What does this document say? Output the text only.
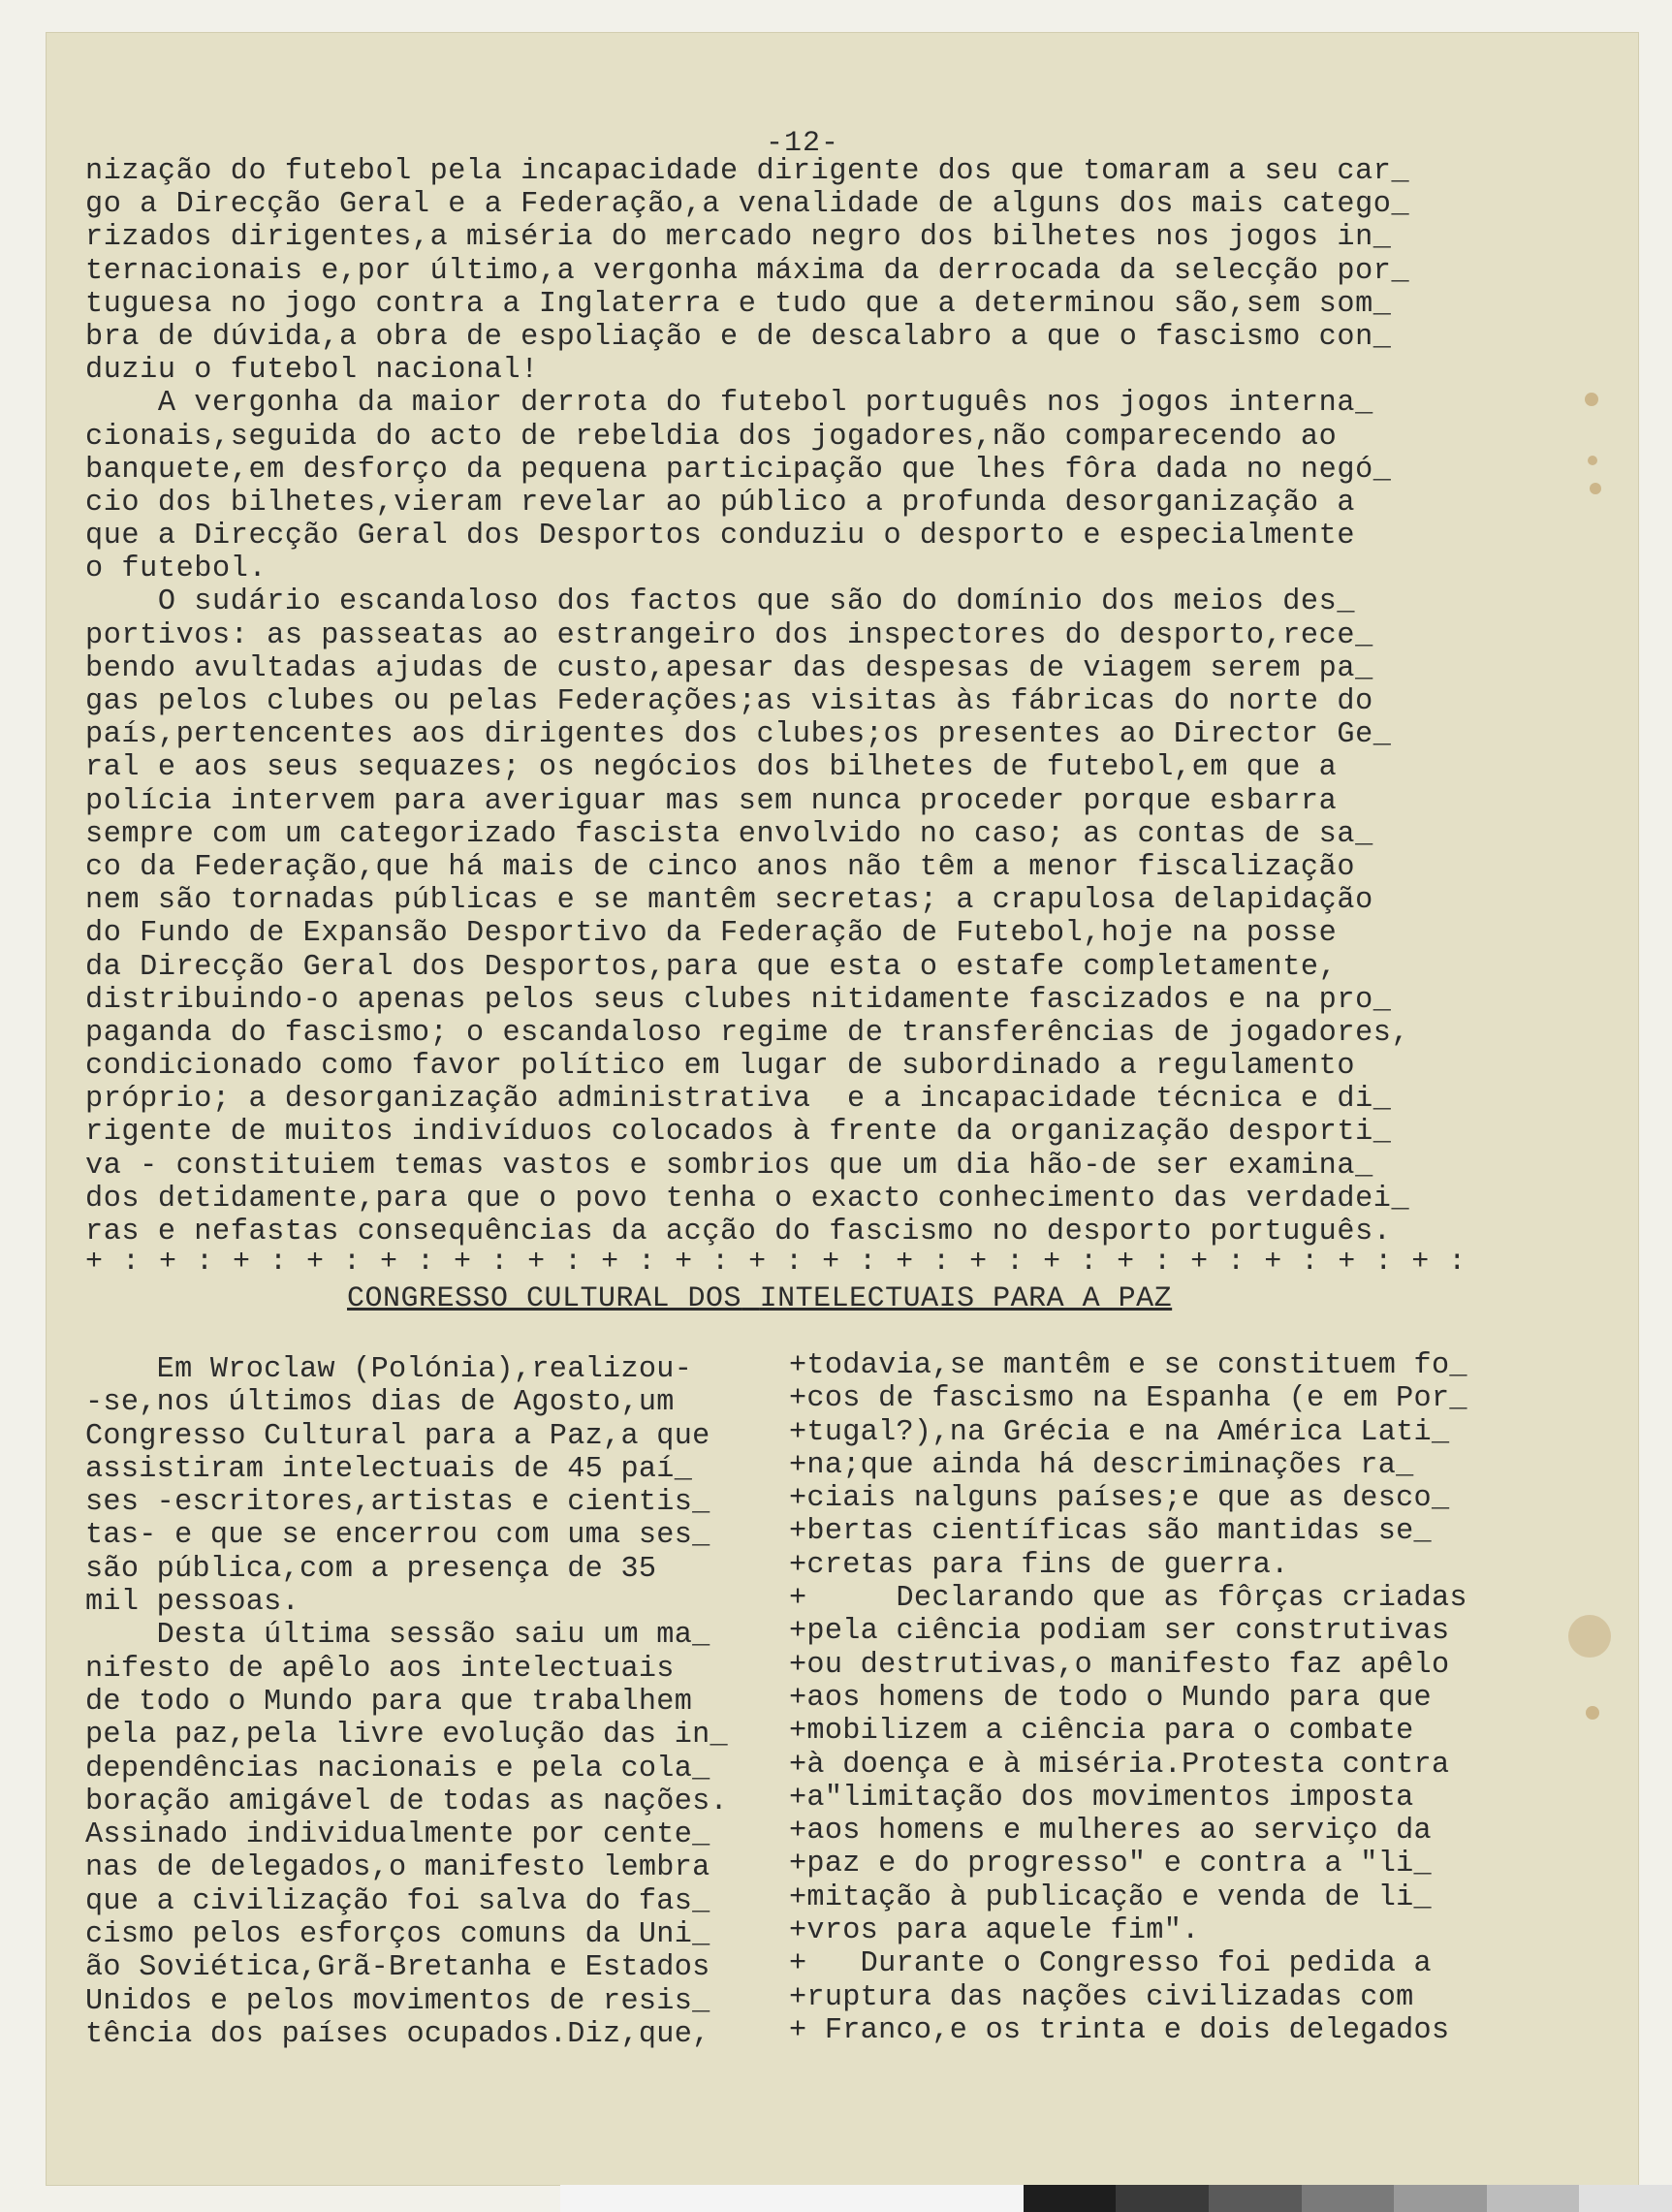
-12-
nização do futebol pela incapacidade dirigente dos que tomaram a seu car_
go a Direcção Geral e a Federação,a venalidade de alguns dos mais catego_
rizados dirigentes,a miséria do mercado negro dos bilhetes nos jogos in_
ternacionais e,por último,a vergonha máxima da derrocada da selecção por_
tuguesa no jogo contra a Inglaterra e tudo que a determinou são,sem som_
bra de dúvida,a obra de espoliação e de descalabro a que o fascismo con_
duziu o futebol nacional!
A vergonha da maior derrota do futebol português nos jogos interna_
cionais,seguida do acto de rebeldia dos jogadores,não comparecendo ao
banquete,em desforço da pequena participação que lhes fôra dada no negó_
cio dos bilhetes,vieram revelar ao público a profunda desorganização a
que a Direcção Geral dos Desportos conduziu o desporto e especialmente
o futebol.
O sudário escandaloso dos factos que são do domínio dos meios des_
portivos: as passeatas ao estrangeiro dos inspectores do desporto,rece_
bendo avultadas ajudas de custo,apesar das despesas de viagem serem pa_
gas pelos clubes ou pelas Federações;as visitas às fábricas do norte do
país,pertencentes aos dirigentes dos clubes;os presentes ao Director Ge_
ral e aos seus sequazes; os negócios dos bilhetes de futebol,em que a
polícia intervem para averiguar mas sem nunca proceder porque esbarra
sempre com um categorizado fascista envolvido no caso; as contas de sa_
co da Federação,que há mais de cinco anos não têm a menor fiscalização
nem são tornadas públicas e se mantêm secretas; a crapulosa delapidação
do Fundo de Expansão Desportivo da Federação de Futebol,hoje na posse
da Direcção Geral dos Desportos,para que esta o estafe completamente,
distribuindo-o apenas pelos seus clubes nitidamente fascizados e na pro_
paganda do fascismo; o escandaloso regime de transferências de jogadores,
condicionado como favor político em lugar de subordinado a regulamento
próprio; a desorganização administrativa  e a incapacidade técnica e di_
rigente de muitos indivíduos colocados à frente da organização desporti_
va - constituiem temas vastos e sombrios que um dia hão-de ser examina_
dos detidamente,para que o povo tenha o exacto conhecimento das verdadei_
ras e nefastas consequências da acção do fascismo no desporto português.
+ : + : + : + : + : + : + : + : + : + : + : + : + : + : + : + : + : + : + :
CONGRESSO CULTURAL DOS INTELECTUAIS PARA A PAZ
Em Wroclaw (Polónia),realizou-
-se,nos últimos dias de Agosto,um
Congresso Cultural para a Paz,a que
assistiram intelectuais de 45 paí_
ses -escritores,artistas e cientis_
tas- e que se encerrou com uma ses_
são pública,com a presença de 35
mil pessoas.
Desta última sessão saiu um ma_
nifesto de apêlo aos intelectuais
de todo o Mundo para que trabalhem
pela paz,pela livre evolução das in_
dependências nacionais e pela cola_
boração amigável de todas as nações.
Assinado individualmente por cente_
nas de delegados,o manifesto lembra
que a civilização foi salva do fas_
cismo pelos esforços comuns da Uni_
ão Soviética,Grã-Bretanha e Estados
Unidos e pelos movimentos de resis_
tência dos países ocupados.Diz,que,
+todavia,se mantêm e se constituem fo_
+cos de fascismo na Espanha (e em Por_
+tugal?),na Grécia e na América Lati_
+na;que ainda há descriminações ra_
+ciais nalguns países;e que as desco_
+bertas científicas são mantidas se_
+cretas para fins de guerra.
+     Declarando que as fôrças criadas
+pela ciência podiam ser construtivas
+ou destrutivas,o manifesto faz apêlo
+aos homens de todo o Mundo para que
+mobilizem a ciência para o combate
+à doença e à miséria.Protesta contra
+a"limitação dos movimentos imposta
+aos homens e mulheres ao serviço da
+paz e do progresso" e contra a "li_
+mitação à publicação e venda de li_
+vros para aquele fim".
+   Durante o Congresso foi pedida a
+ruptura das nações civilizadas com
+ Franco,e os trinta e dois delegados
